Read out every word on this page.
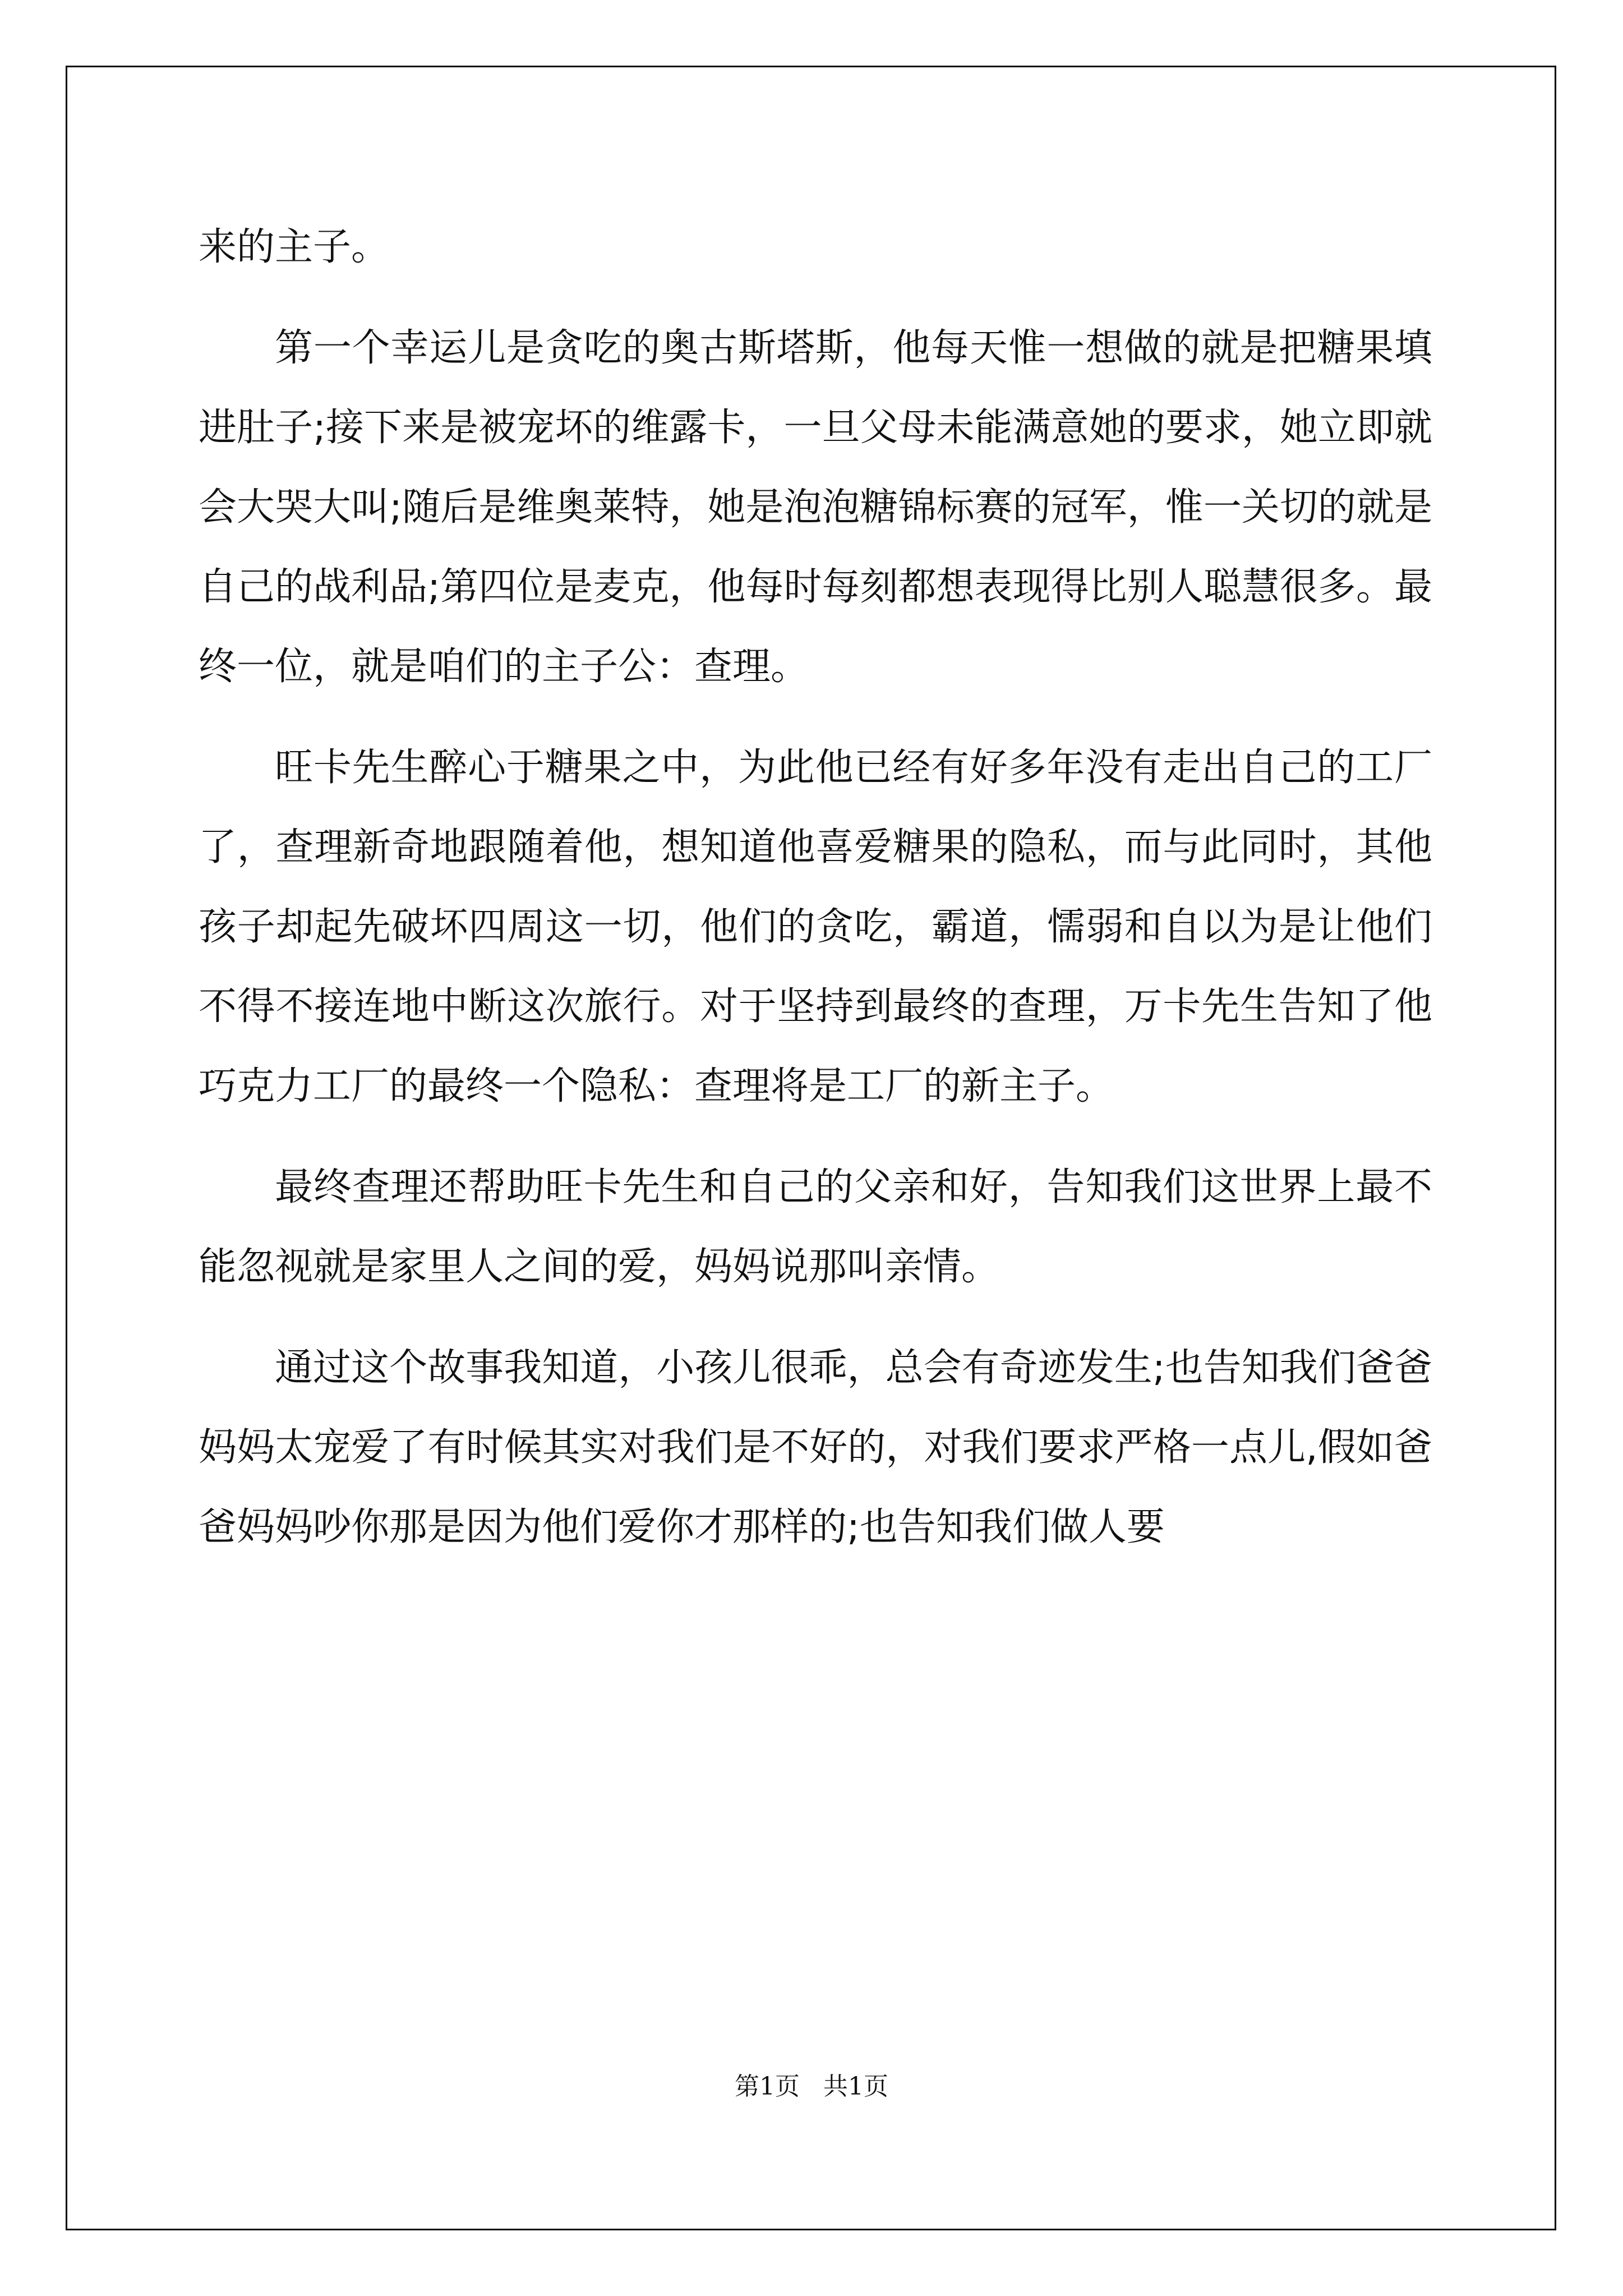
来的主子。

第一个幸运儿是贪吃的奥古斯塔斯，他每天惟一想做的就是把糖果填进肚子;接下来是被宠坏的维露卡，一旦父母未能满意她的要求，她立即就会大哭大叫;随后是维奥莱特，她是泡泡糖锦标赛的冠军，惟一关切的就是自己的战利品;第四位是麦克，他每时每刻都想表现得比别人聪慧很多。最终一位，就是咱们的主子公：查理。

旺卡先生醉心于糖果之中，为此他已经有好多年没有走出自己的工厂了，查理新奇地跟随着他，想知道他喜爱糖果的隐私，而与此同时，其他孩子却起先破坏四周这一切，他们的贪吃，霸道，懦弱和自以为是让他们不得不接连地中断这次旅行。对于坚持到最终的查理，万卡先生告知了他巧克力工厂的最终一个隐私：查理将是工厂的新主子。

最终查理还帮助旺卡先生和自己的父亲和好，告知我们这世界上最不能忽视就是家里人之间的爱，妈妈说那叫亲情。

通过这个故事我知道，小孩儿很乖，总会有奇迹发生;也告知我们爸爸妈妈太宠爱了有时候其实对我们是不好的，对我们要求严格一点儿,假如爸爸妈妈吵你那是因为他们爱你才那样的;也告知我们做人要

第1页 共1页
